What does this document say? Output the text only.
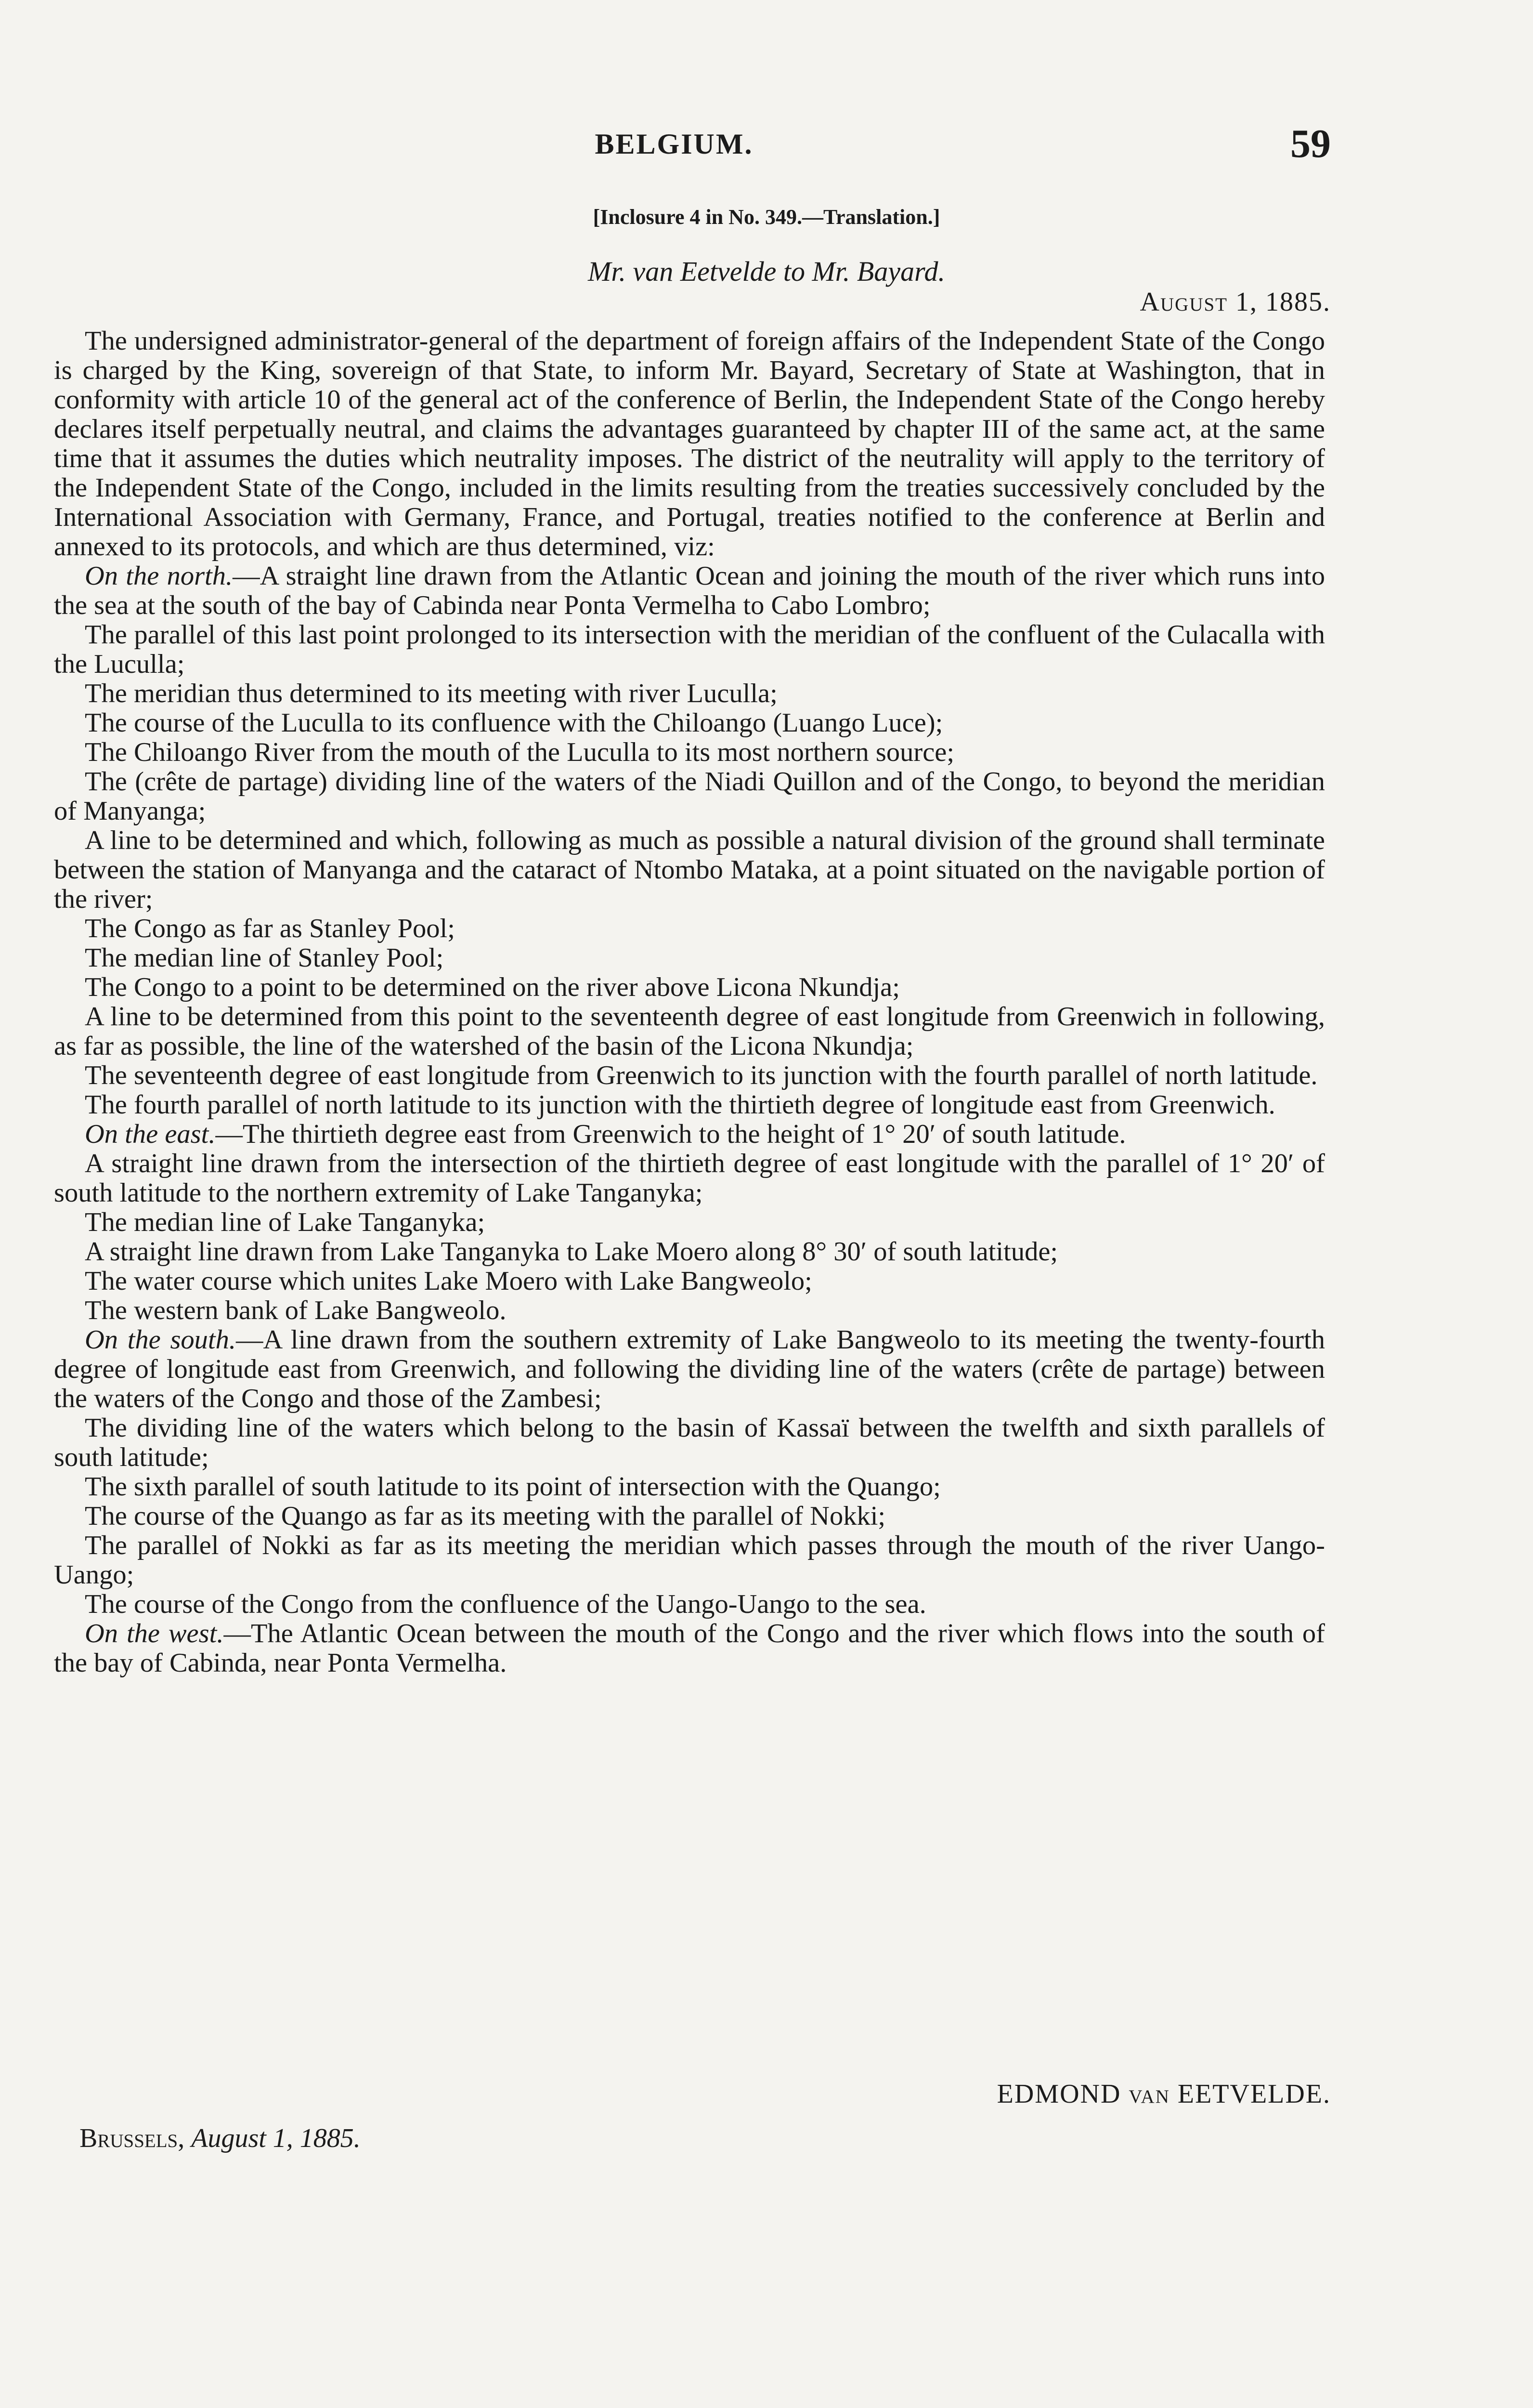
BELGIUM.	59
[Inclosure 4 in No. 349.—Translation.]
Mr. van Eetvelde to Mr. Bayard.
August 1, 1885.

The undersigned administrator-general of the department of foreign affairs of the Independent State of the Congo is charged by the King, sovereign of that State, to inform Mr. Bayard, Secretary of State at Washington, that in conformity with article 10 of the general act of the conference of Berlin, the Independent State of the Congo hereby declares itself perpetually neutral, and claims the advantages guaranteed by chapter III of the same act, at the same time that it assumes the duties which neutrality imposes. The district of the neutrality will apply to the territory of the Independent State of the Congo, included in the limits resulting from the treaties successively concluded by the International Association with Germany, France, and Portugal, treaties notified to the conference at Berlin and annexed to its protocols, and which are thus determined, viz:

On the north.—A straight line drawn from the Atlantic Ocean and joining the mouth of the river which runs into the sea at the south of the bay of Cabinda near Ponta Vermelha to Cabo Lombro;

The parallel of this last point prolonged to its intersection with the meridian of the confluent of the Culacalla with the Luculla;

The meridian thus determined to its meeting with river Luculla;

The course of the Luculla to its confluence with the Chiloango (Luango Luce);

The Chiloango River from the mouth of the Luculla to its most northern source;

The (crête de partage) dividing line of the waters of the Niadi Quillon and of the Congo, to beyond the meridian of Manyanga;

A line to be determined and which, following as much as possible a natural division of the ground shall terminate between the station of Manyanga and the cataract of Ntombo Mataka, at a point situated on the navigable portion of the river;

The Congo as far as Stanley Pool;

The median line of Stanley Pool;

The Congo to a point to be determined on the river above Licona Nkundja;

A line to be determined from this point to the seventeenth degree of east longitude from Greenwich in following, as far as possible, the line of the watershed of the basin of the Licona Nkundja;

The seventeenth degree of east longitude from Greenwich to its junction with the fourth parallel of north latitude.

The fourth parallel of north latitude to its junction with the thirtieth degree of longitude east from Greenwich.

On the east.—The thirtieth degree east from Greenwich to the height of 1° 20′ of south latitude.

A straight line drawn from the intersection of the thirtieth degree of east longitude with the parallel of 1° 20′ of south latitude to the northern extremity of Lake Tanganyka;

The median line of Lake Tanganyka;

A straight line drawn from Lake Tanganyka to Lake Moero along 8° 30′ of south latitude;

The water course which unites Lake Moero with Lake Bangweolo;

The western bank of Lake Bangweolo.

On the south.—A line drawn from the southern extremity of Lake Bangweolo to its meeting the twenty-fourth degree of longitude east from Greenwich, and following the dividing line of the waters (crête de partage) between the waters of the Congo and those of the Zambesi;

The dividing line of the waters which belong to the basin of Kassaï between the twelfth and sixth parallels of south latitude;

The sixth parallel of south latitude to its point of intersection with the Quango;

The course of the Quango as far as its meeting with the parallel of Nokki;

The parallel of Nokki as far as its meeting the meridian which passes through the mouth of the river Uango-Uango;

The course of the Congo from the confluence of the Uango-Uango to the sea.

On the west.—The Atlantic Ocean between the mouth of the Congo and the river which flows into the south of the bay of Cabinda, near Ponta Vermelha.

EDMOND van EETVELDE.
Brussels, August 1, 1885.
